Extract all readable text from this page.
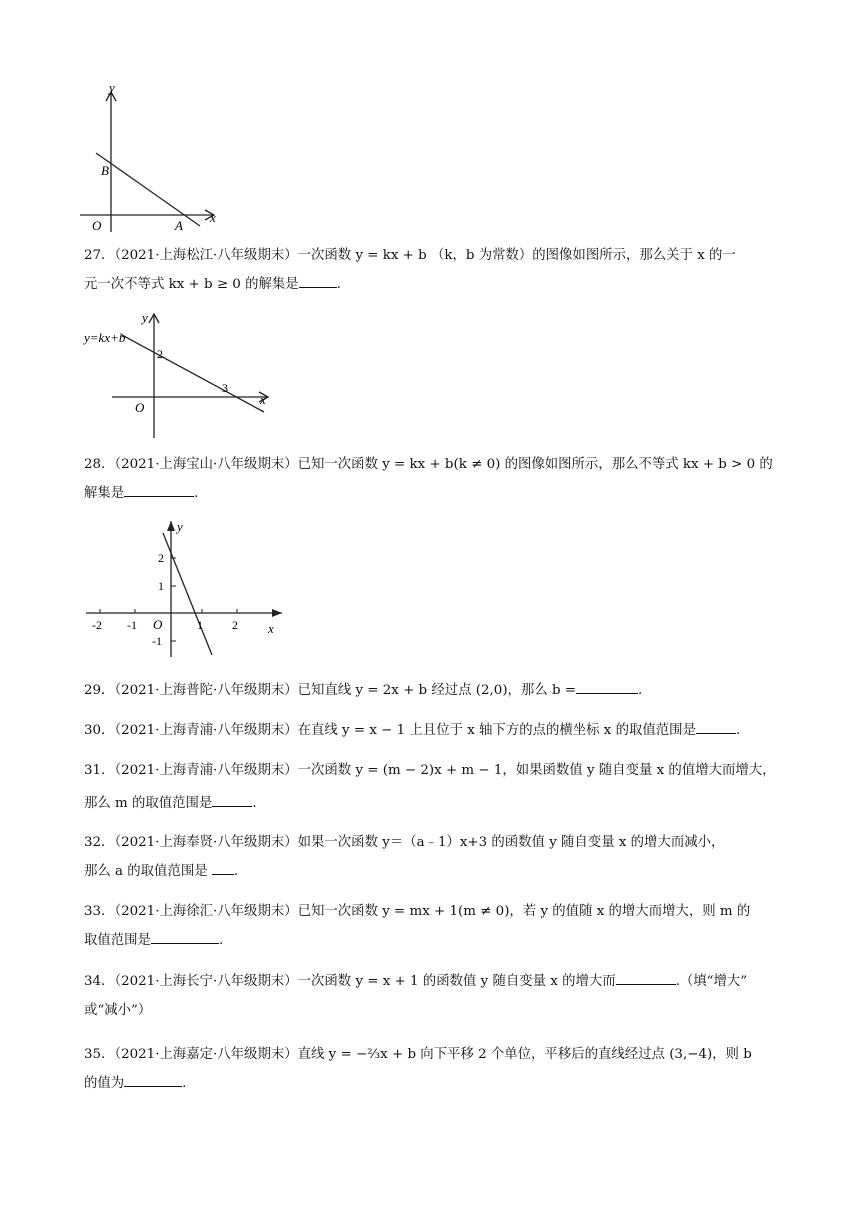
y
x
O
B
A
27．（2021·上海松江·八年级期末）一次函数 y = kx + b （k，b 为常数）的图像如图所示，那么关于 x 的一
元一次不等式 kx + b ≥ 0 的解集是	.
y=kx+b
y
x
O
2
3
28．（2021·上海宝山·八年级期末）已知一次函数 y = kx + b(k ≠ 0) 的图像如图所示，那么不等式 kx + b > 0 的
解集是	.
y
x
O
-2 -1	1 2
2
1
-1
29．（2021·上海普陀·八年级期末）已知直线 y = 2x + b 经过点 (2,0)，那么 b =	.
30．（2021·上海青浦·八年级期末）在直线 y = x − 1 上且位于 x 轴下方的点的横坐标 x 的取值范围是	.
31．（2021·上海青浦·八年级期末）一次函数 y = (m − 2)x + m − 1，如果函数值 y 随自变量 x 的值增大而增大，
那么 m 的取值范围是	.
32．（2021·上海奉贤·八年级期末）如果一次函数 y＝（a﹣1）x+3 的函数值 y 随自变量 x 的增大而减小，
那么 a 的取值范围是 .
33．（2021·上海徐汇·八年级期末）已知一次函数 y = mx + 1(m ≠ 0)，若 y 的值随 x 的增大而增大，则 m 的
取值范围是	.
34．（2021·上海长宁·八年级期末）一次函数 y = x + 1 的函数值 y 随自变量 x 的增大而	.（填“增大”
或“减小”）
35．（2021·上海嘉定·八年级期末）直线 y = −⅔x + b 向下平移 2 个单位，平移后的直线经过点 (3,−4)，则 b
的值为	.
